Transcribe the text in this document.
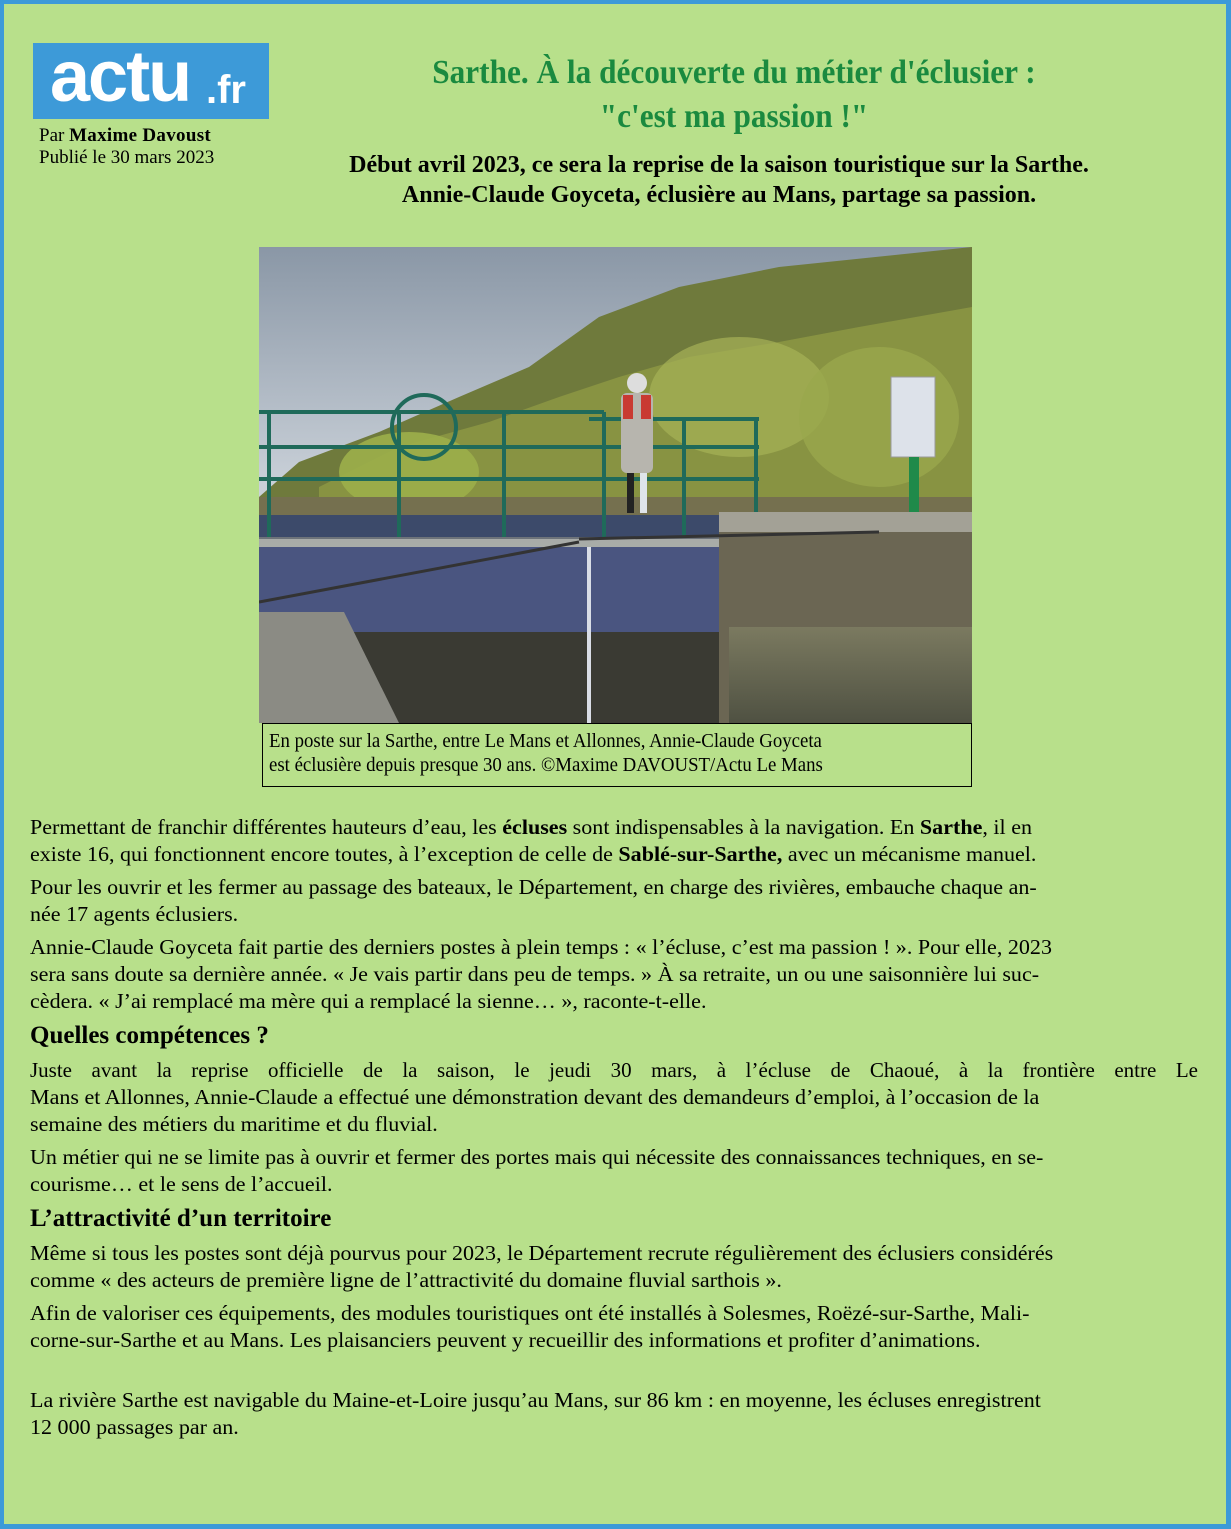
actu .fr
Par Maxime Davoust
Publié le 30 mars 2023
Sarthe. À la découverte du métier d'éclusier :
"c'est ma passion !"
Début avril 2023, ce sera la reprise de la saison touristique sur la Sarthe.
Annie-Claude Goyceta, éclusière au Mans, partage sa passion.
En poste sur la Sarthe, entre Le Mans et Allonnes, Annie-Claude Goyceta
est éclusière depuis presque 30 ans. ©Maxime DAVOUST/Actu Le Mans

Permettant de franchir différentes hauteurs d’eau, les écluses sont indispensables à la navigation. En Sarthe, il en
existe 16, qui fonctionnent encore toutes, à l’exception de celle de Sablé-sur-Sarthe, avec un mécanisme manuel.

Pour les ouvrir et les fermer au passage des bateaux, le Département, en charge des rivières, embauche chaque an-
née 17 agents éclusiers.

Annie-Claude Goyceta fait partie des derniers postes à plein temps : « l’écluse, c’est ma passion ! ». Pour elle, 2023
sera sans doute sa dernière année. « Je vais partir dans peu de temps. » À sa retraite, un ou une saisonnière lui suc-
cèdera. « J’ai remplacé ma mère qui a remplacé la sienne… », raconte-t-elle.

Quelles compétences ?

Juste avant la reprise officielle de la saison, le jeudi 30 mars, à l’écluse de Chaoué, à la frontière entre Le
Mans et Allonnes, Annie-Claude a effectué une démonstration devant des demandeurs d’emploi, à l’occasion de la
semaine des métiers du maritime et du fluvial.

Un métier qui ne se limite pas à ouvrir et fermer des portes mais qui nécessite des connaissances techniques, en se-
courisme… et le sens de l’accueil.

L’attractivité d’un territoire

Même si tous les postes sont déjà pourvus pour 2023, le Département recrute régulièrement des éclusiers considérés
comme « des acteurs de première ligne de l’attractivité du domaine fluvial sarthois ».

Afin de valoriser ces équipements, des modules touristiques ont été installés à Solesmes, Roëzé-sur-Sarthe, Mali-
corne-sur-Sarthe et au Mans. Les plaisanciers peuvent y recueillir des informations et profiter d’animations.

La rivière Sarthe est navigable du Maine-et-Loire jusqu’au Mans, sur 86 km : en moyenne, les écluses enregistrent
12 000 passages par an.
